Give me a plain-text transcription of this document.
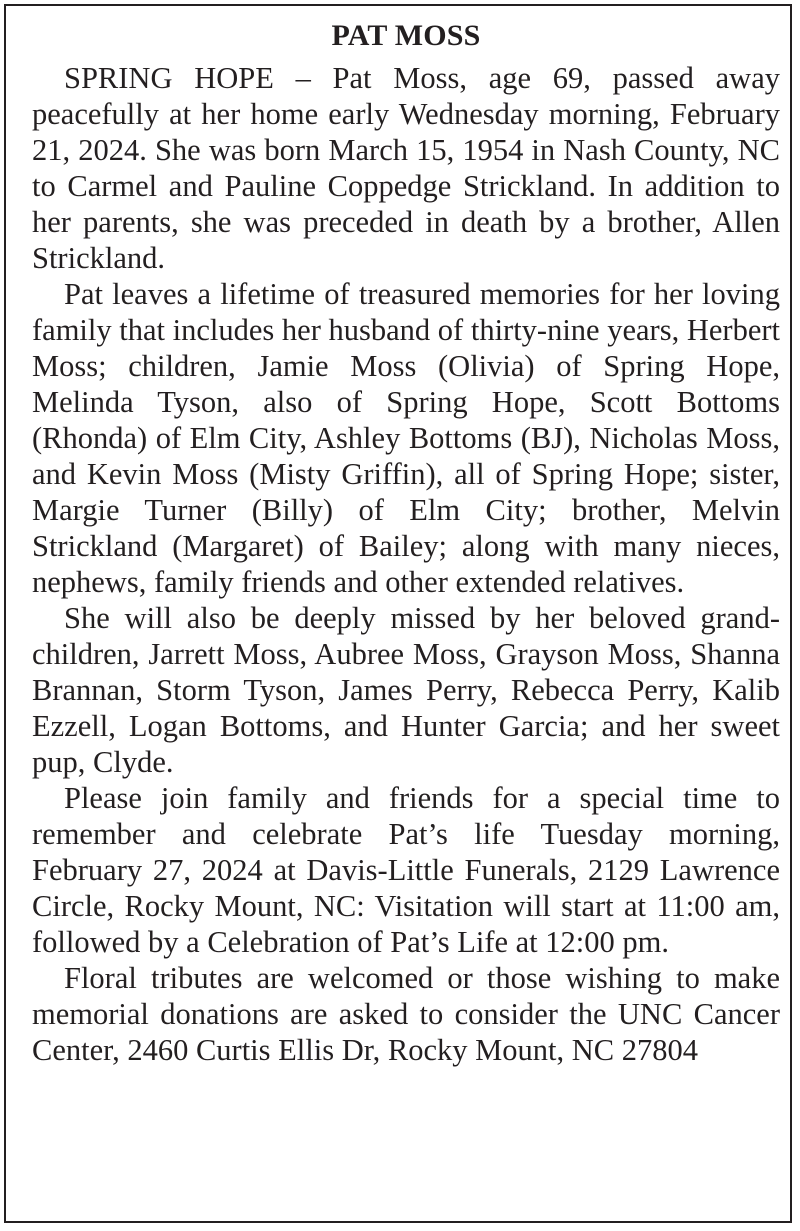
PAT MOSS

SPRING HOPE – Pat Moss, age 69, passed away peacefully at her home early Wednesday morning, February 21, 2024. She was born March 15, 1954 in Nash County, NC to Carmel and Pauline Coppedge Strickland. In addition to her parents, she was preceded in death by a brother, Allen Strickland.

Pat leaves a lifetime of treasured memories for her loving family that includes her husband of thirty-nine years, Herbert Moss; children, Jamie Moss (Olivia) of Spring Hope, Melinda Tyson, also of Spring Hope, Scott Bottoms (Rhonda) of Elm City, Ashley Bottoms (BJ), Nicholas Moss, and Kevin Moss (Misty Griffin), all of Spring Hope; sister, Margie Turner (Billy) of Elm City; brother, Melvin Strickland (Margaret) of Bailey; along with many nieces, nephews, family friends and other extended relatives.

She will also be deeply missed by her beloved grandchildren, Jarrett Moss, Aubree Moss, Grayson Moss, Shanna Brannan, Storm Tyson, James Perry, Rebecca Perry, Kalib Ezzell, Logan Bottoms, and Hunter Garcia; and her sweet pup, Clyde.

Please join family and friends for a special time to remember and celebrate Pat’s life Tuesday morning, February 27, 2024 at Davis-Little Funerals, 2129 Lawrence Circle, Rocky Mount, NC: Visitation will start at 11:00 am, followed by a Celebration of Pat’s Life at 12:00 pm.

Floral tributes are welcomed or those wishing to make memorial donations are asked to consider the UNC Cancer Center, 2460 Curtis Ellis Dr, Rocky Mount, NC 27804
